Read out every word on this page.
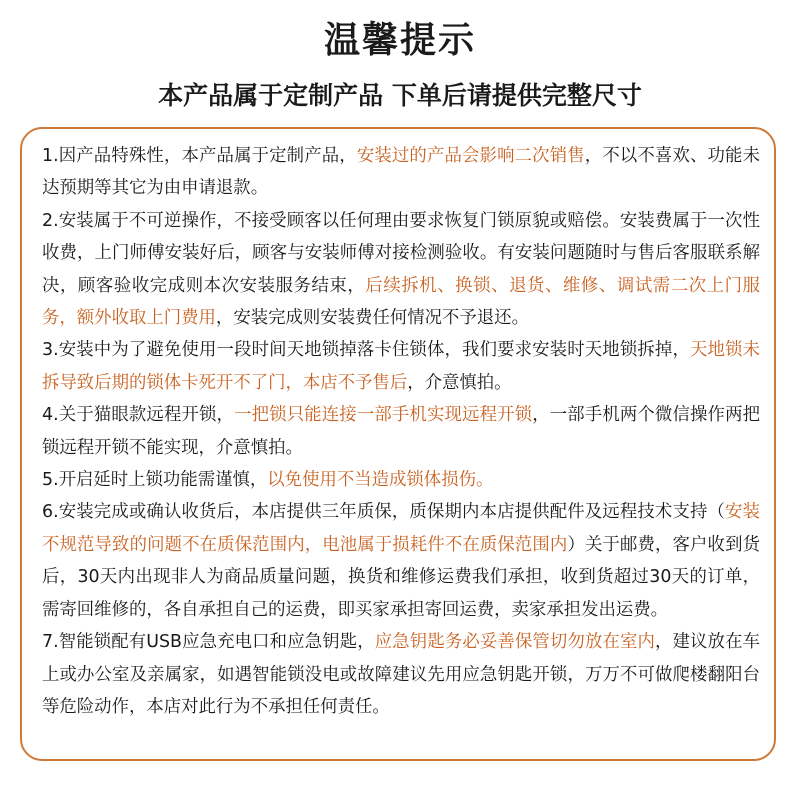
温馨提示
本产品属于定制产品 下单后请提供完整尺寸

1.因产品特殊性，本产品属于定制产品，安装过的产品会影响二次销售，不以不喜欢、功能未达预期等其它为由申请退款。

2.安装属于不可逆操作，不接受顾客以任何理由要求恢复门锁原貌或赔偿。安装费属于一次性收费，上门师傅安装好后，顾客与安装师傅对接检测验收。有安装问题随时与售后客服联系解决，顾客验收完成则本次安装服务结束，后续拆机、换锁、退货、维修、调试需二次上门服务，额外收取上门费用，安装完成则安装费任何情况不予退还。

3.安装中为了避免使用一段时间天地锁掉落卡住锁体，我们要求安装时天地锁拆掉，天地锁未拆导致后期的锁体卡死开不了门，本店不予售后，介意慎拍。

4.关于猫眼款远程开锁，一把锁只能连接一部手机实现远程开锁，一部手机两个微信操作两把锁远程开锁不能实现，介意慎拍。

5.开启延时上锁功能需谨慎，以免使用不当造成锁体损伤。

6.安装完成或确认收货后，本店提供三年质保，质保期内本店提供配件及远程技术支持（安装不规范导致的问题不在质保范围内，电池属于损耗件不在质保范围内）关于邮费，客户收到货后，30天内出现非人为商品质量问题，换货和维修运费我们承担，收到货超过30天的订单，需寄回维修的，各自承担自己的运费，即买家承担寄回运费，卖家承担发出运费。

7.智能锁配有USB应急充电口和应急钥匙，应急钥匙务必妥善保管切勿放在室内，建议放在车上或办公室及亲属家，如遇智能锁没电或故障建议先用应急钥匙开锁，万万不可做爬楼翻阳台等危险动作，本店对此行为不承担任何责任。
